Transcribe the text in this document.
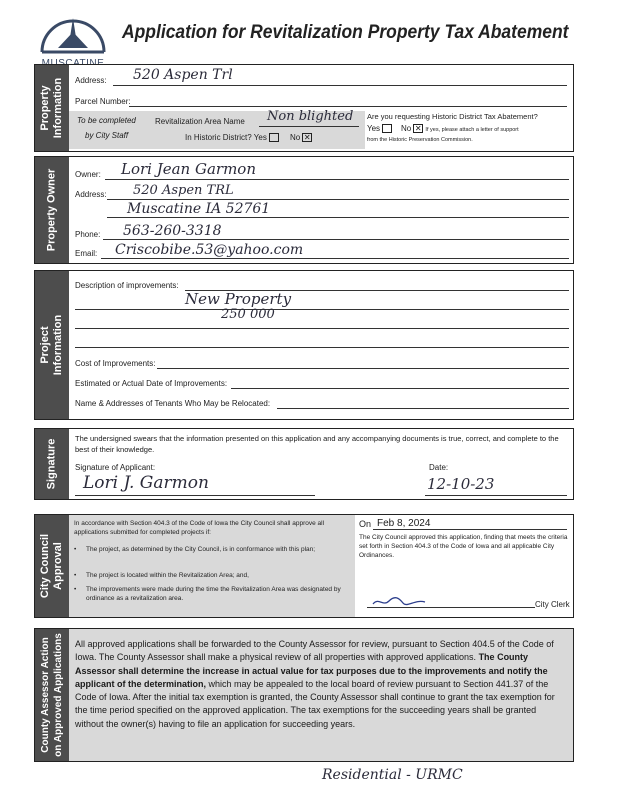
Application for Revitalization Property Tax Abatement
Property Information Address: 520 Aspen Trl
Parcel Number:
To be completed
by City Staff
Revitalization Area Name Non blighted
In Historic District? Yes	No ✕
Are you requesting Historic District Tax Abatement?
Yes	No ✕ If yes, please attach a letter of support
from the Historic Preservation Commission.
Property Owner Owner: Lori Jean Garmon
Address: 520 Aspen TRL
Muscatine IA 52761
Phone: 563-260-3318
Email: Criscobibe.53@yahoo.com
Project Information
Description of improvements:
New Property
250 000
Cost of Improvements:
Estimated or Actual Date of Improvements:
Name & Addresses of Tenants Who May be Relocated:
Signature
The undersigned swears that the information presented on this application and any accompanying documents is true, correct, and complete to the best of their knowledge.
Signature of Applicant:
Lori J. Garmon
Date:
12-10-23
City Council Approval
In accordance with Section 404.3 of the Code of Iowa the City Council shall approve all applications submitted for completed projects if:
•	The project, as determined by the City Council, is in conformance with this plan;
•	The project is located within the Revitalization Area; and,
•	The improvements were made during the time the Revitalization Area was designated by ordinance as a revitalization area.
On Feb 8, 2024
The City Council approved this application, finding that meets the criteria set forth in Section 404.3 of the Code of Iowa and all applicable City Ordinances.
City Clerk
County Assessor Action on Approved Applications All approved applications shall be forwarded to the County Assessor for review, pursuant to Section 404.5 of the Code of Iowa. The County Assessor shall make a physical review of all properties with approved applications. The County Assessor shall determine the increase in actual value for tax purposes due to the improvements and notify the applicant of the determination, which may be appealed to the local board of review pursuant to Section 441.37 of the Code of Iowa. After the initial tax exemption is granted, the County Assessor shall continue to grant the tax exemption for the time period specified on the approved application. The tax exemptions for the succeeding years shall be granted without the owner(s) having to file an application for succeeding years.
Residential - URMC
